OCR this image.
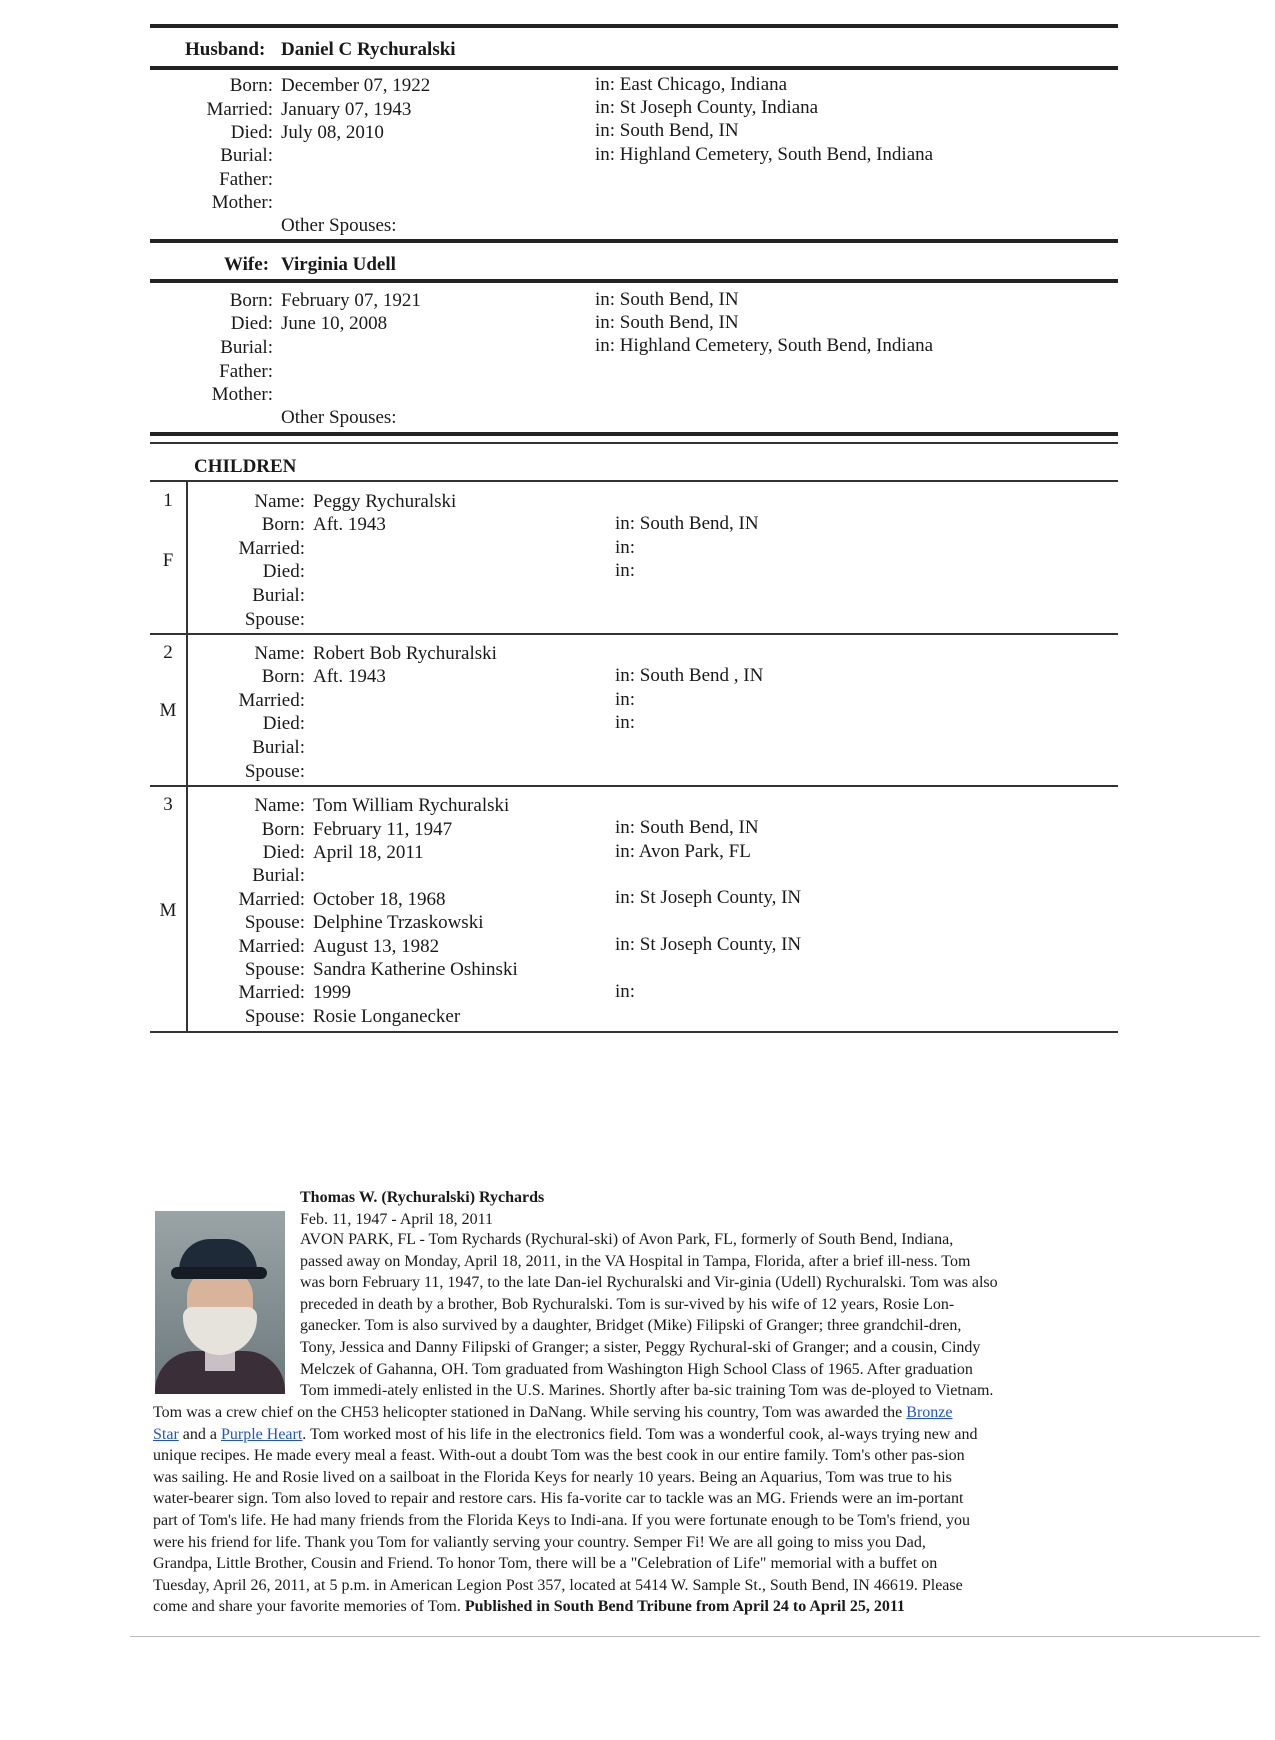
Husband: Daniel C Rychuralski
Born: December 07, 1922	in: East Chicago, Indiana
Married: January 07, 1943	in: St Joseph County, Indiana
Died: July 08, 2010	in: South Bend, IN
Burial:	in: Highland Cemetery, South Bend, Indiana
Father:
Mother:
Other Spouses:
Wife: Virginia Udell
Born: February 07, 1921	in: South Bend, IN
Died: June 10, 2008	in: South Bend, IN
Burial:	in: Highland Cemetery, South Bend, Indiana
Father:
Mother:
Other Spouses:
CHILDREN
1
F
Name: Peggy Rychuralski
Born: Aft. 1943	in: South Bend, IN
Married:	in:
Died:	in:
Burial:
Spouse:
2
M
Name: Robert Bob Rychuralski
Born: Aft. 1943	in: South Bend , IN
Married:	in:
Died:	in:
Burial:
Spouse:
3
M
Name: Tom William Rychuralski
Born: February 11, 1947	in: South Bend, IN
Died: April 18, 2011	in: Avon Park, FL
Burial:
Married: October 18, 1968	in: St Joseph County, IN
Spouse: Delphine Trzaskowski
Married: August 13, 1982	in: St Joseph County, IN
Spouse: Sandra Katherine Oshinski
Married: 1999	in:
Spouse: Rosie Longanecker
Thomas W. (Rychuralski) Rychards
Feb. 11, 1947 - April 18, 2011
AVON PARK, FL - Tom Rychards (Rychural-ski) of Avon Park, FL, formerly of South Bend, Indiana,
passed away on Monday, April 18, 2011, in the VA Hospital in Tampa, Florida, after a brief ill-ness. Tom
was born February 11, 1947, to the late Dan-iel Rychuralski and Vir-ginia (Udell) Rychuralski. Tom was also
preceded in death by a brother, Bob Rychuralski. Tom is sur-vived by his wife of 12 years, Rosie Lon-
ganecker. Tom is also survived by a daughter, Bridget (Mike) Filipski of Granger; three grandchil-dren,
Tony, Jessica and Danny Filipski of Granger; a sister, Peggy Rychural-ski of Granger; and a cousin, Cindy
Melczek of Gahanna, OH. Tom graduated from Washington High School Class of 1965. After graduation
Tom immedi-ately enlisted in the U.S. Marines. Shortly after ba-sic training Tom was de-ployed to Vietnam.
Tom was a crew chief on the CH53 helicopter stationed in DaNang. While serving his country, Tom was awarded the Bronze
Star and a Purple Heart. Tom worked most of his life in the electronics field. Tom was a wonderful cook, al-ways trying new and
unique recipes. He made every meal a feast. With-out a doubt Tom was the best cook in our entire family. Tom's other pas-sion
was sailing. He and Rosie lived on a sailboat in the Florida Keys for nearly 10 years. Being an Aquarius, Tom was true to his
water-bearer sign. Tom also loved to repair and restore cars. His fa-vorite car to tackle was an MG. Friends were an im-portant
part of Tom's life. He had many friends from the Florida Keys to Indi-ana. If you were fortunate enough to be Tom's friend, you
were his friend for life. Thank you Tom for valiantly serving your country. Semper Fi! We are all going to miss you Dad,
Grandpa, Little Brother, Cousin and Friend. To honor Tom, there will be a "Celebration of Life" memorial with a buffet on
Tuesday, April 26, 2011, at 5 p.m. in American Legion Post 357, located at 5414 W. Sample St., South Bend, IN 46619. Please
come and share your favorite memories of Tom. Published in South Bend Tribune from April 24 to April 25, 2011
